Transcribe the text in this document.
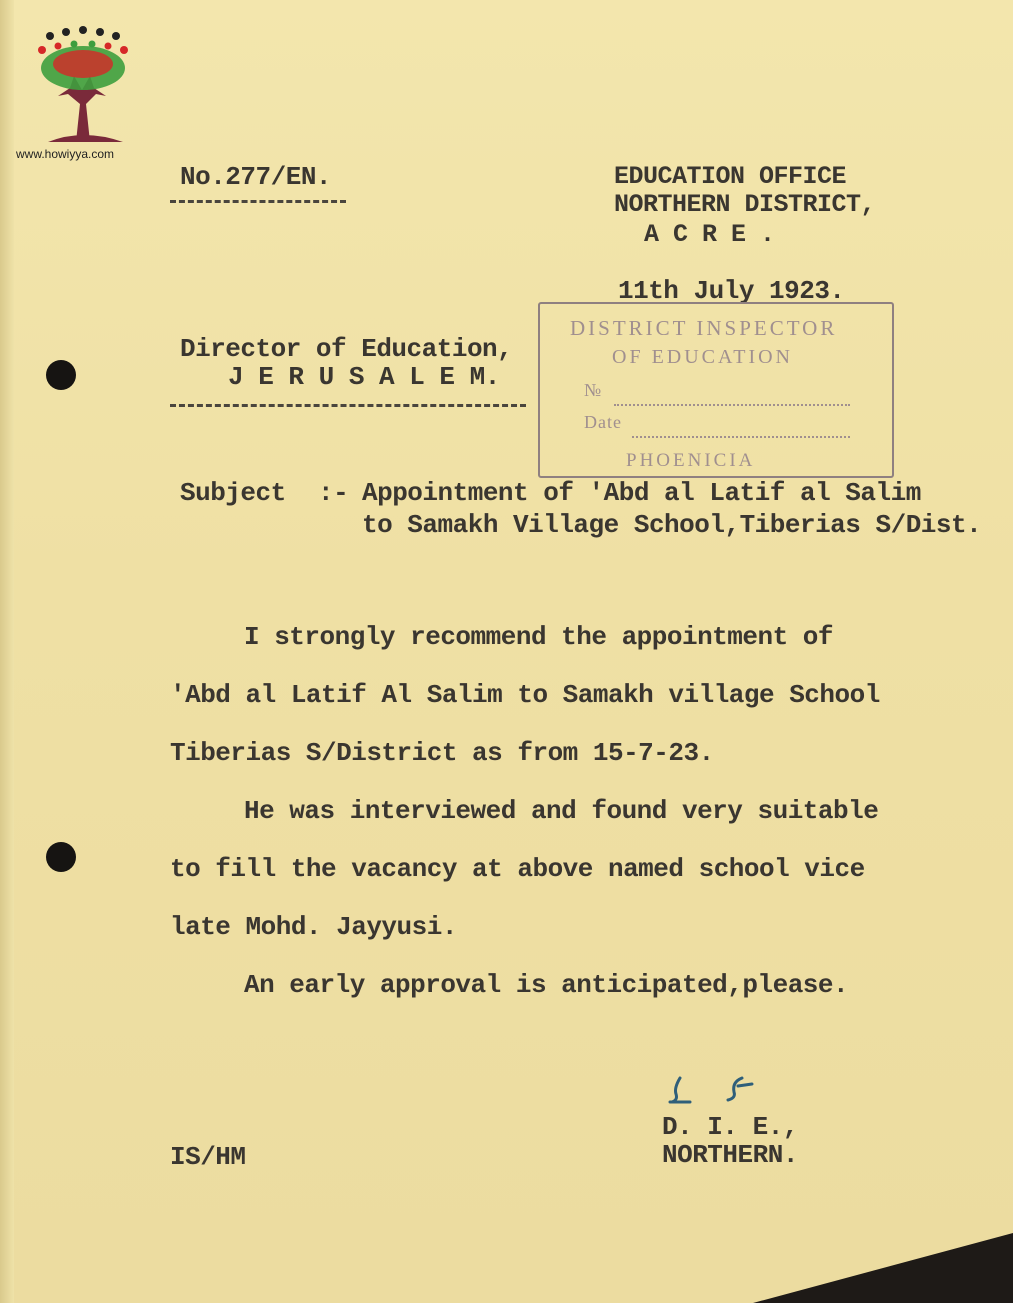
www.howiyya.com
No.277/EN.	EDUCATION OFFICE
NORTHERN DISTRICT,
A C R E .
11th July 1923.
Director of Education,
J E R U S A L E M.
DISTRICT INSPECTOR
OF EDUCATION
№
Date
PHOENICIA
Subject :- Appointment of 'Abd al Latif al Salim
to Samakh Village School,Tiberias S/Dist.
I strongly recommend the appointment of
'Abd al Latif Al Salim to Samakh village School
Tiberias S/District as from 15-7-23.
He was interviewed and found very suitable
to fill the vacancy at above named school vice
late Mohd. Jayyusi.
An early approval is anticipated,please.
D. I. E.,
NORTHERN.
IS/HM
